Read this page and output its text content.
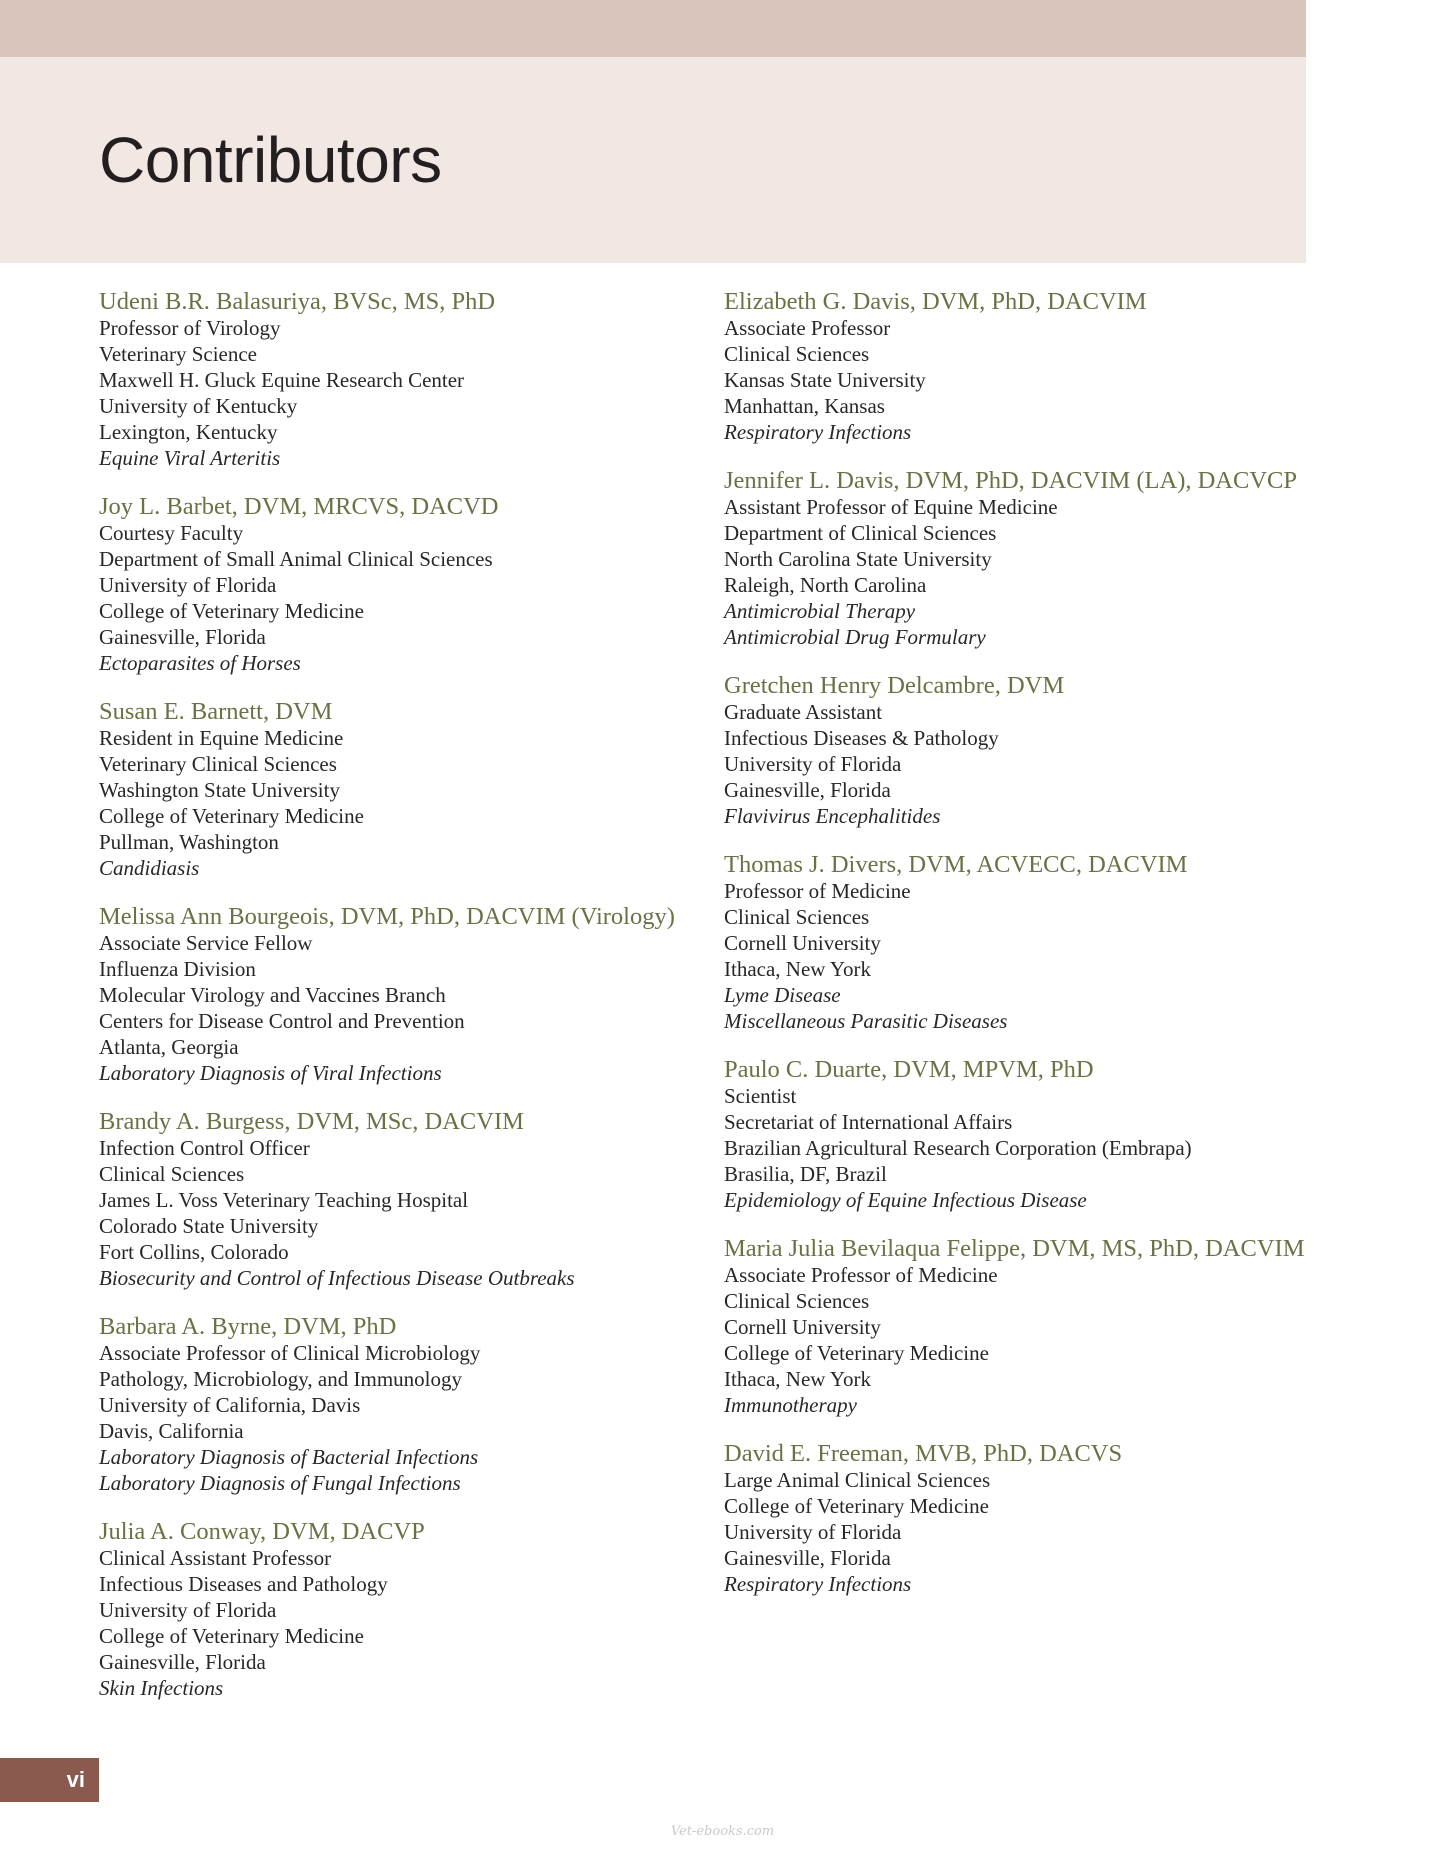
Contributors
Udeni B.R. Balasuriya, BVSc, MS, PhD
Professor of Virology
Veterinary Science
Maxwell H. Gluck Equine Research Center
University of Kentucky
Lexington, Kentucky
Equine Viral Arteritis
Joy L. Barbet, DVM, MRCVS, DACVD
Courtesy Faculty
Department of Small Animal Clinical Sciences
University of Florida
College of Veterinary Medicine
Gainesville, Florida
Ectoparasites of Horses
Susan E. Barnett, DVM
Resident in Equine Medicine
Veterinary Clinical Sciences
Washington State University
College of Veterinary Medicine
Pullman, Washington
Candidiasis
Melissa Ann Bourgeois, DVM, PhD, DACVIM (Virology)
Associate Service Fellow
Influenza Division
Molecular Virology and Vaccines Branch
Centers for Disease Control and Prevention
Atlanta, Georgia
Laboratory Diagnosis of Viral Infections
Brandy A. Burgess, DVM, MSc, DACVIM
Infection Control Officer
Clinical Sciences
James L. Voss Veterinary Teaching Hospital
Colorado State University
Fort Collins, Colorado
Biosecurity and Control of Infectious Disease Outbreaks
Barbara A. Byrne, DVM, PhD
Associate Professor of Clinical Microbiology
Pathology, Microbiology, and Immunology
University of California, Davis
Davis, California
Laboratory Diagnosis of Bacterial Infections
Laboratory Diagnosis of Fungal Infections
Julia A. Conway, DVM, DACVP
Clinical Assistant Professor
Infectious Diseases and Pathology
University of Florida
College of Veterinary Medicine
Gainesville, Florida
Skin Infections
Elizabeth G. Davis, DVM, PhD, DACVIM
Associate Professor
Clinical Sciences
Kansas State University
Manhattan, Kansas
Respiratory Infections
Jennifer L. Davis, DVM, PhD, DACVIM (LA), DACVCP
Assistant Professor of Equine Medicine
Department of Clinical Sciences
North Carolina State University
Raleigh, North Carolina
Antimicrobial Therapy
Antimicrobial Drug Formulary
Gretchen Henry Delcambre, DVM
Graduate Assistant
Infectious Diseases & Pathology
University of Florida
Gainesville, Florida
Flavivirus Encephalitides
Thomas J. Divers, DVM, ACVECC, DACVIM
Professor of Medicine
Clinical Sciences
Cornell University
Ithaca, New York
Lyme Disease
Miscellaneous Parasitic Diseases
Paulo C. Duarte, DVM, MPVM, PhD
Scientist
Secretariat of International Affairs
Brazilian Agricultural Research Corporation (Embrapa)
Brasilia, DF, Brazil
Epidemiology of Equine Infectious Disease
Maria Julia Bevilaqua Felippe, DVM, MS, PhD, DACVIM
Associate Professor of Medicine
Clinical Sciences
Cornell University
College of Veterinary Medicine
Ithaca, New York
Immunotherapy
David E. Freeman, MVB, PhD, DACVS
Large Animal Clinical Sciences
College of Veterinary Medicine
University of Florida
Gainesville, Florida
Respiratory Infections
vi
Vet-ebooks.com
